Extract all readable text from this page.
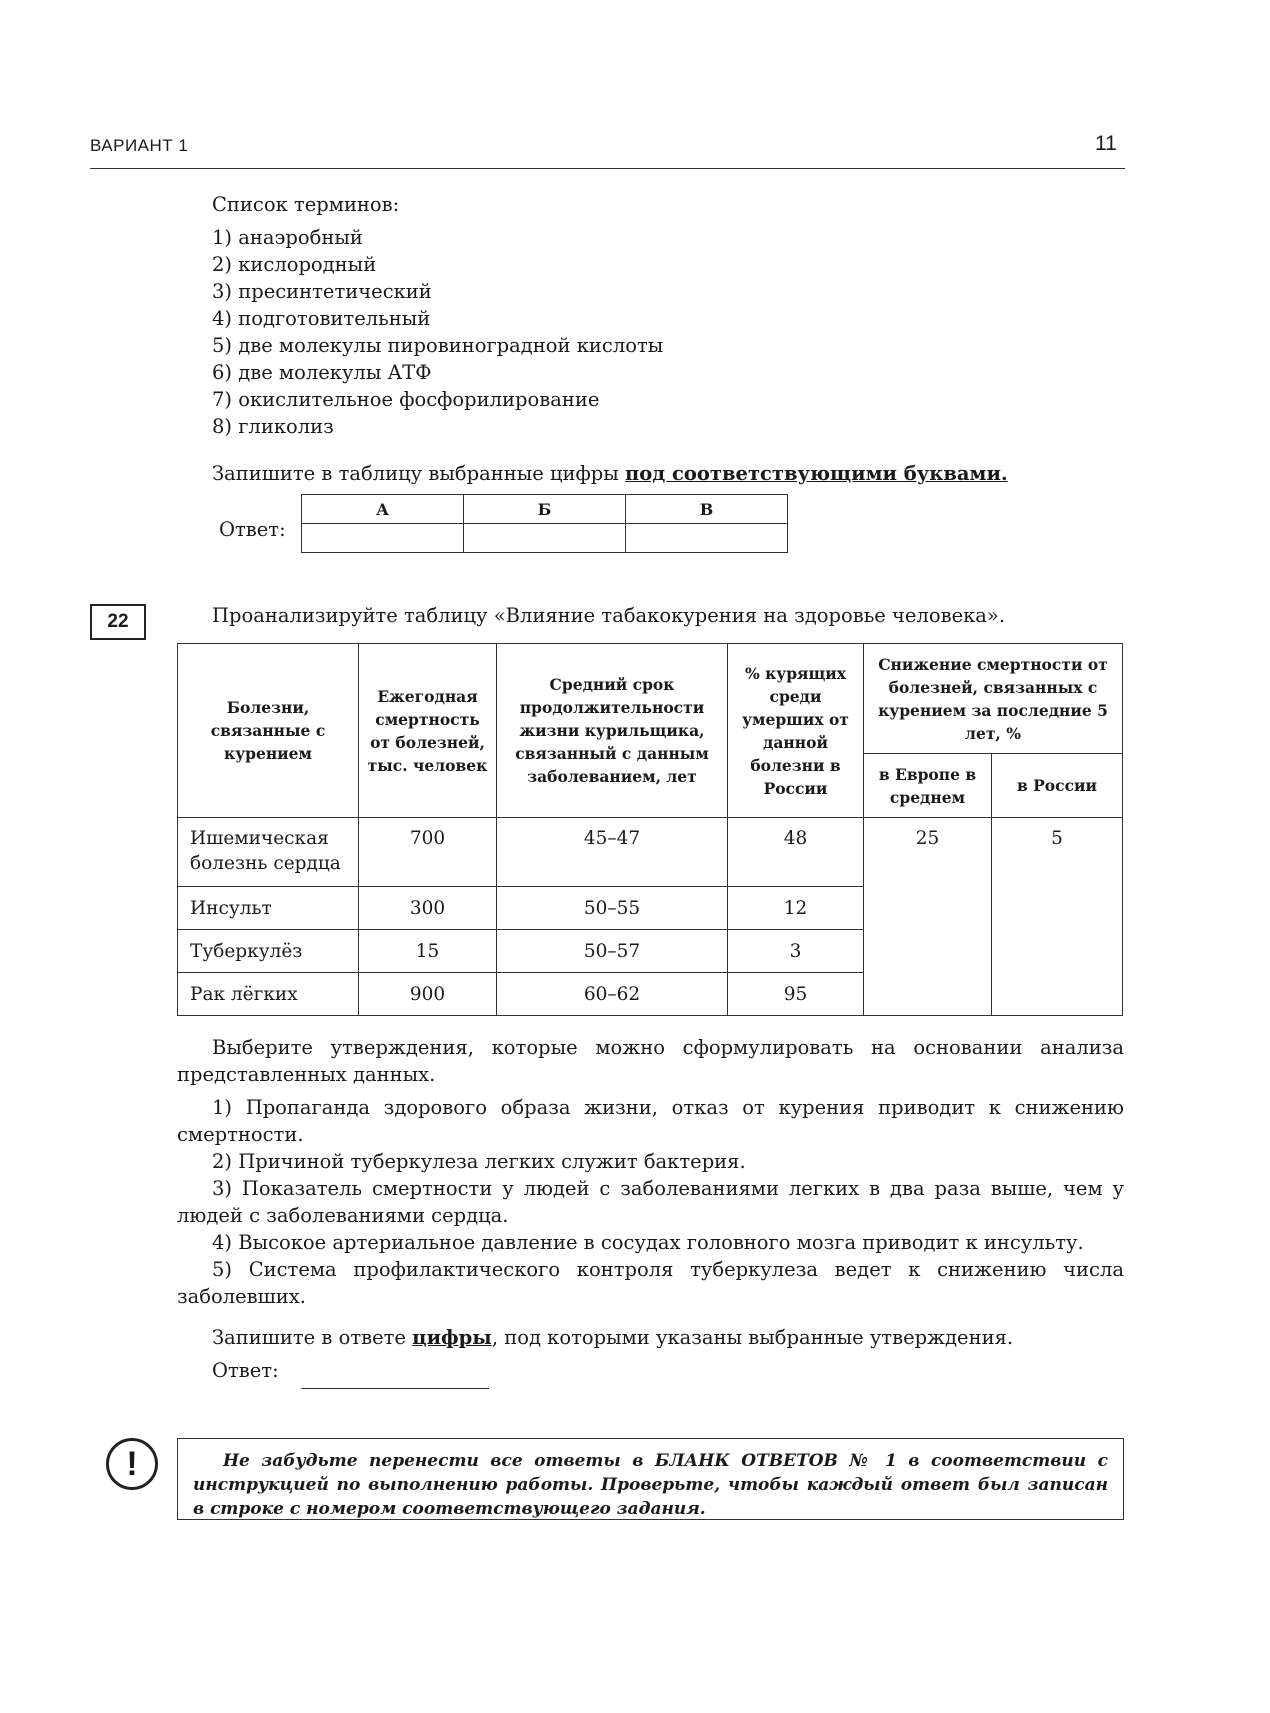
ВАРИАНТ 1	11
Список терминов:
1) анаэробный
2) кислородный
3) пресинтетический
4) подготовительный
5) две молекулы пировиноградной кислоты
6) две молекулы АТФ
7) окислительное фосфорилирование
8) гликолиз
Запишите в таблицу выбранные цифры под соответствующими буквами.
Ответ:
А	Б	В

22	Проанализируйте таблицу «Влияние табакокурения на здоровье человека».
Болезни, связанные с курением	Ежегодная смертность от болезней, тыс. человек	Средний срок продолжительности жизни курильщика, связанный с данным заболеванием, лет	% курящих среди умерших от данной болезни в России	Снижение смертности от болезней, связанных с курением за последние 5 лет, %	
				в Европе в среднем	в России
Ишемическая болезнь сердца	700	45–47	48	25	5
Инсульт	300	50–55	12		
Туберкулёз	15	50–57	3		
Рак лёгких	900	60–62	95		
Выберите утверждения, которые можно сформулировать на основании анализа представленных данных.
1) Пропаганда здорового образа жизни, отказ от курения приводит к снижению смертности.
2) Причиной туберкулеза легких служит бактерия.
3) Показатель смертности у людей с заболеваниями легких в два раза выше, чем у людей с заболеваниями сердца.
4) Высокое артериальное давление в сосудах головного мозга приводит к инсульту.
5) Система профилактического контроля туберкулеза ведет к снижению числа заболевших.
Запишите в ответе цифры, под которыми указаны выбранные утверждения.
Ответ:
!	Не забудьте перенести все ответы в БЛАНК ОТВЕТОВ № 1 в соответствии с инструкцией по выполнению работы. Проверьте, чтобы каждый ответ был записан в строке с номером соответствующего задания.
